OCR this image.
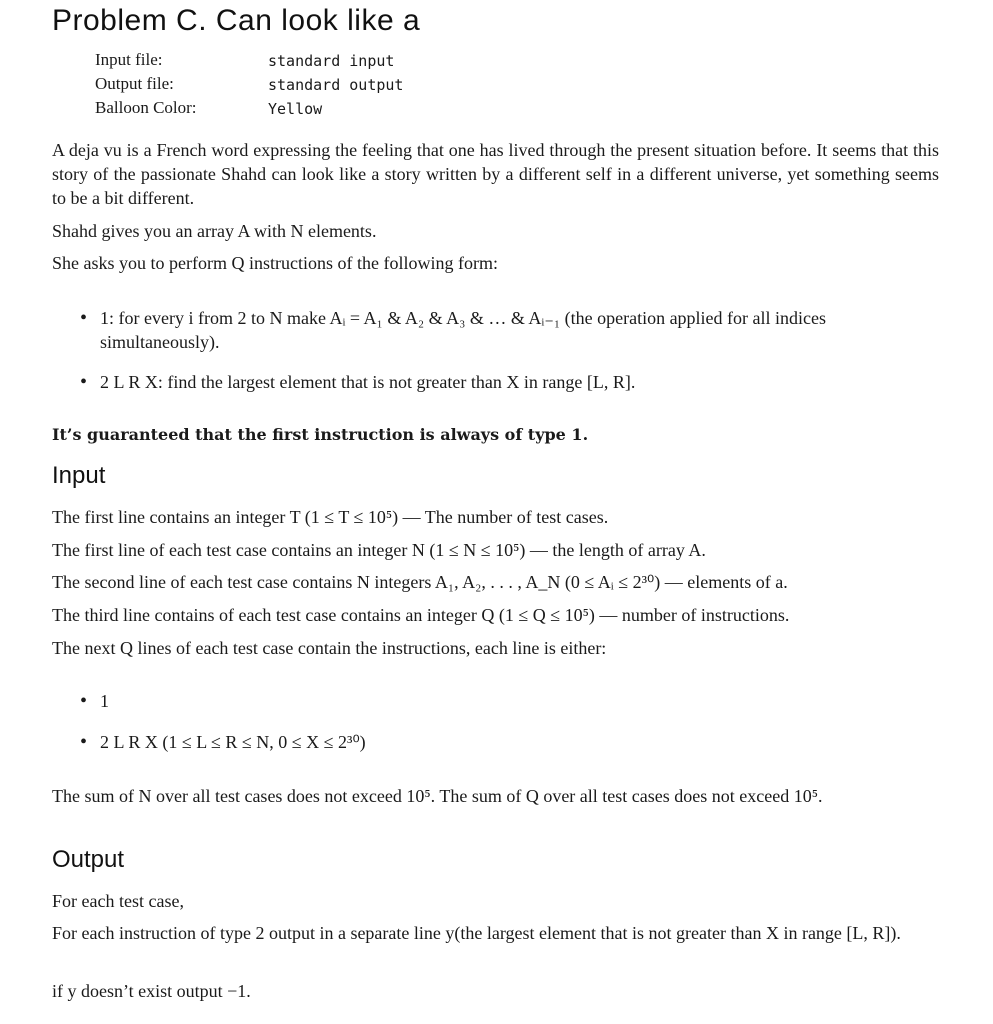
Problem C. Can look like a
Input file:	standard input
Output file:	standard output
Balloon Color:	Yellow
A deja vu is a French word expressing the feeling that one has lived through the present situation before. It seems that this story of the passionate Shahd can look like a story written by a different self in a different universe, yet something seems to be a bit different.
Shahd gives you an array A with N elements.
She asks you to perform Q instructions of the following form:
• 1: for every i from 2 to N make Aᵢ = A₁ & A₂ & A₃ & … & Aᵢ₋₁ (the operation applied for all indices simultaneously).
• 2 L R X: find the largest element that is not greater than X in range [L, R].
It’s guaranteed that the first instruction is always of type 1.
Input
The first line contains an integer T (1 ≤ T ≤ 10⁵) — The number of test cases.
The first line of each test case contains an integer N (1 ≤ N ≤ 10⁵) — the length of array A.
The second line of each test case contains N integers A₁, A₂, . . . , A_N (0 ≤ Aᵢ ≤ 2³⁰) — elements of a.
The third line contains of each test case contains an integer Q (1 ≤ Q ≤ 10⁵) — number of instructions.
The next Q lines of each test case contain the instructions, each line is either:
• 1
• 2 L R X (1 ≤ L ≤ R ≤ N, 0 ≤ X ≤ 2³⁰)
The sum of N over all test cases does not exceed 10⁵. The sum of Q over all test cases does not exceed 10⁵.
Output
For each test case,
For each instruction of type 2 output in a separate line y(the largest element that is not greater than X in range [L, R]).
if y doesn’t exist output −1.
